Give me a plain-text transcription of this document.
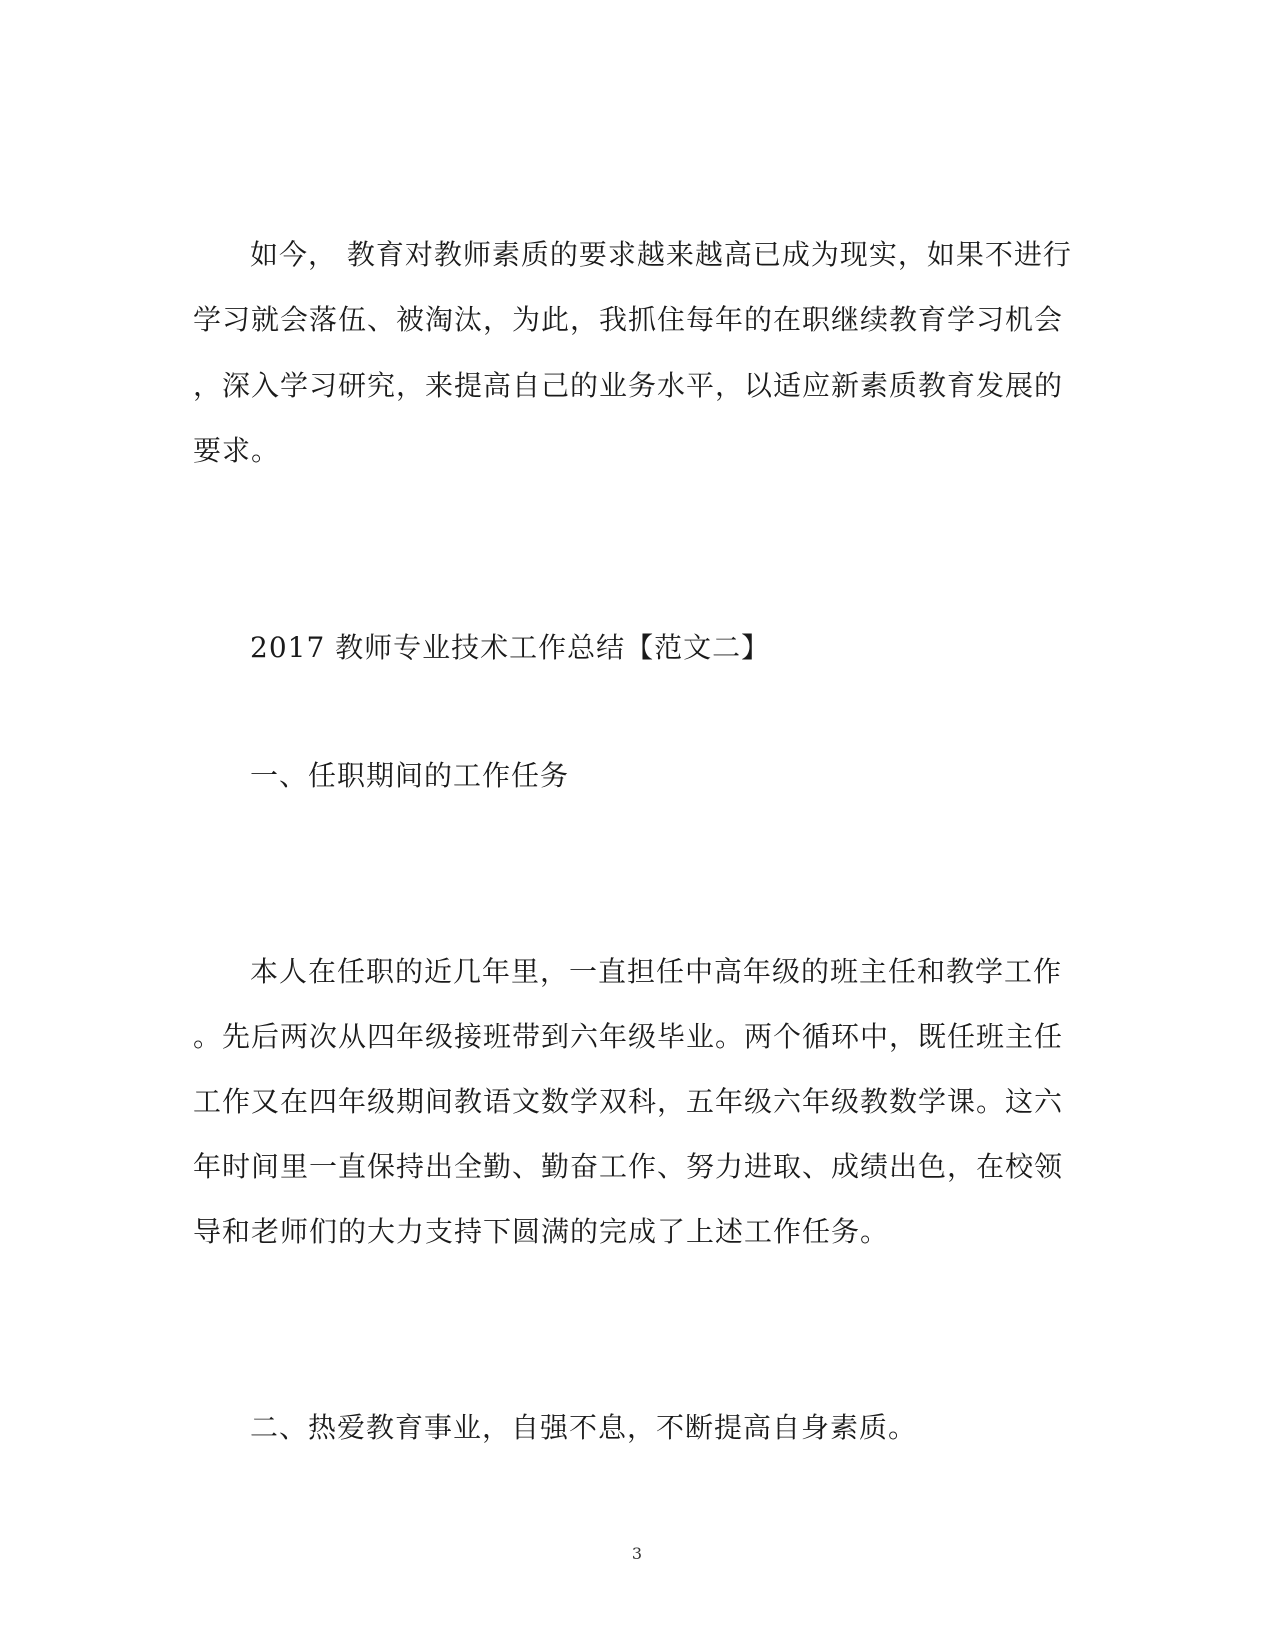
如今， 教育对教师素质的要求越来越高已成为现实，如果不进行
学习就会落伍、被淘汰，为此，我抓住每年的在职继续教育学习机会
，深入学习研究，来提高自己的业务水平，以适应新素质教育发展的
要求。
2017 教师专业技术工作总结【范文二】
一、任职期间的工作任务
本人在任职的近几年里，一直担任中高年级的班主任和教学工作
。先后两次从四年级接班带到六年级毕业。两个循环中，既任班主任
工作又在四年级期间教语文数学双科，五年级六年级教数学课。这六
年时间里一直保持出全勤、勤奋工作、努力进取、成绩出色，在校领
导和老师们的大力支持下圆满的完成了上述工作任务。
二、热爱教育事业，自强不息，不断提高自身素质。
3
